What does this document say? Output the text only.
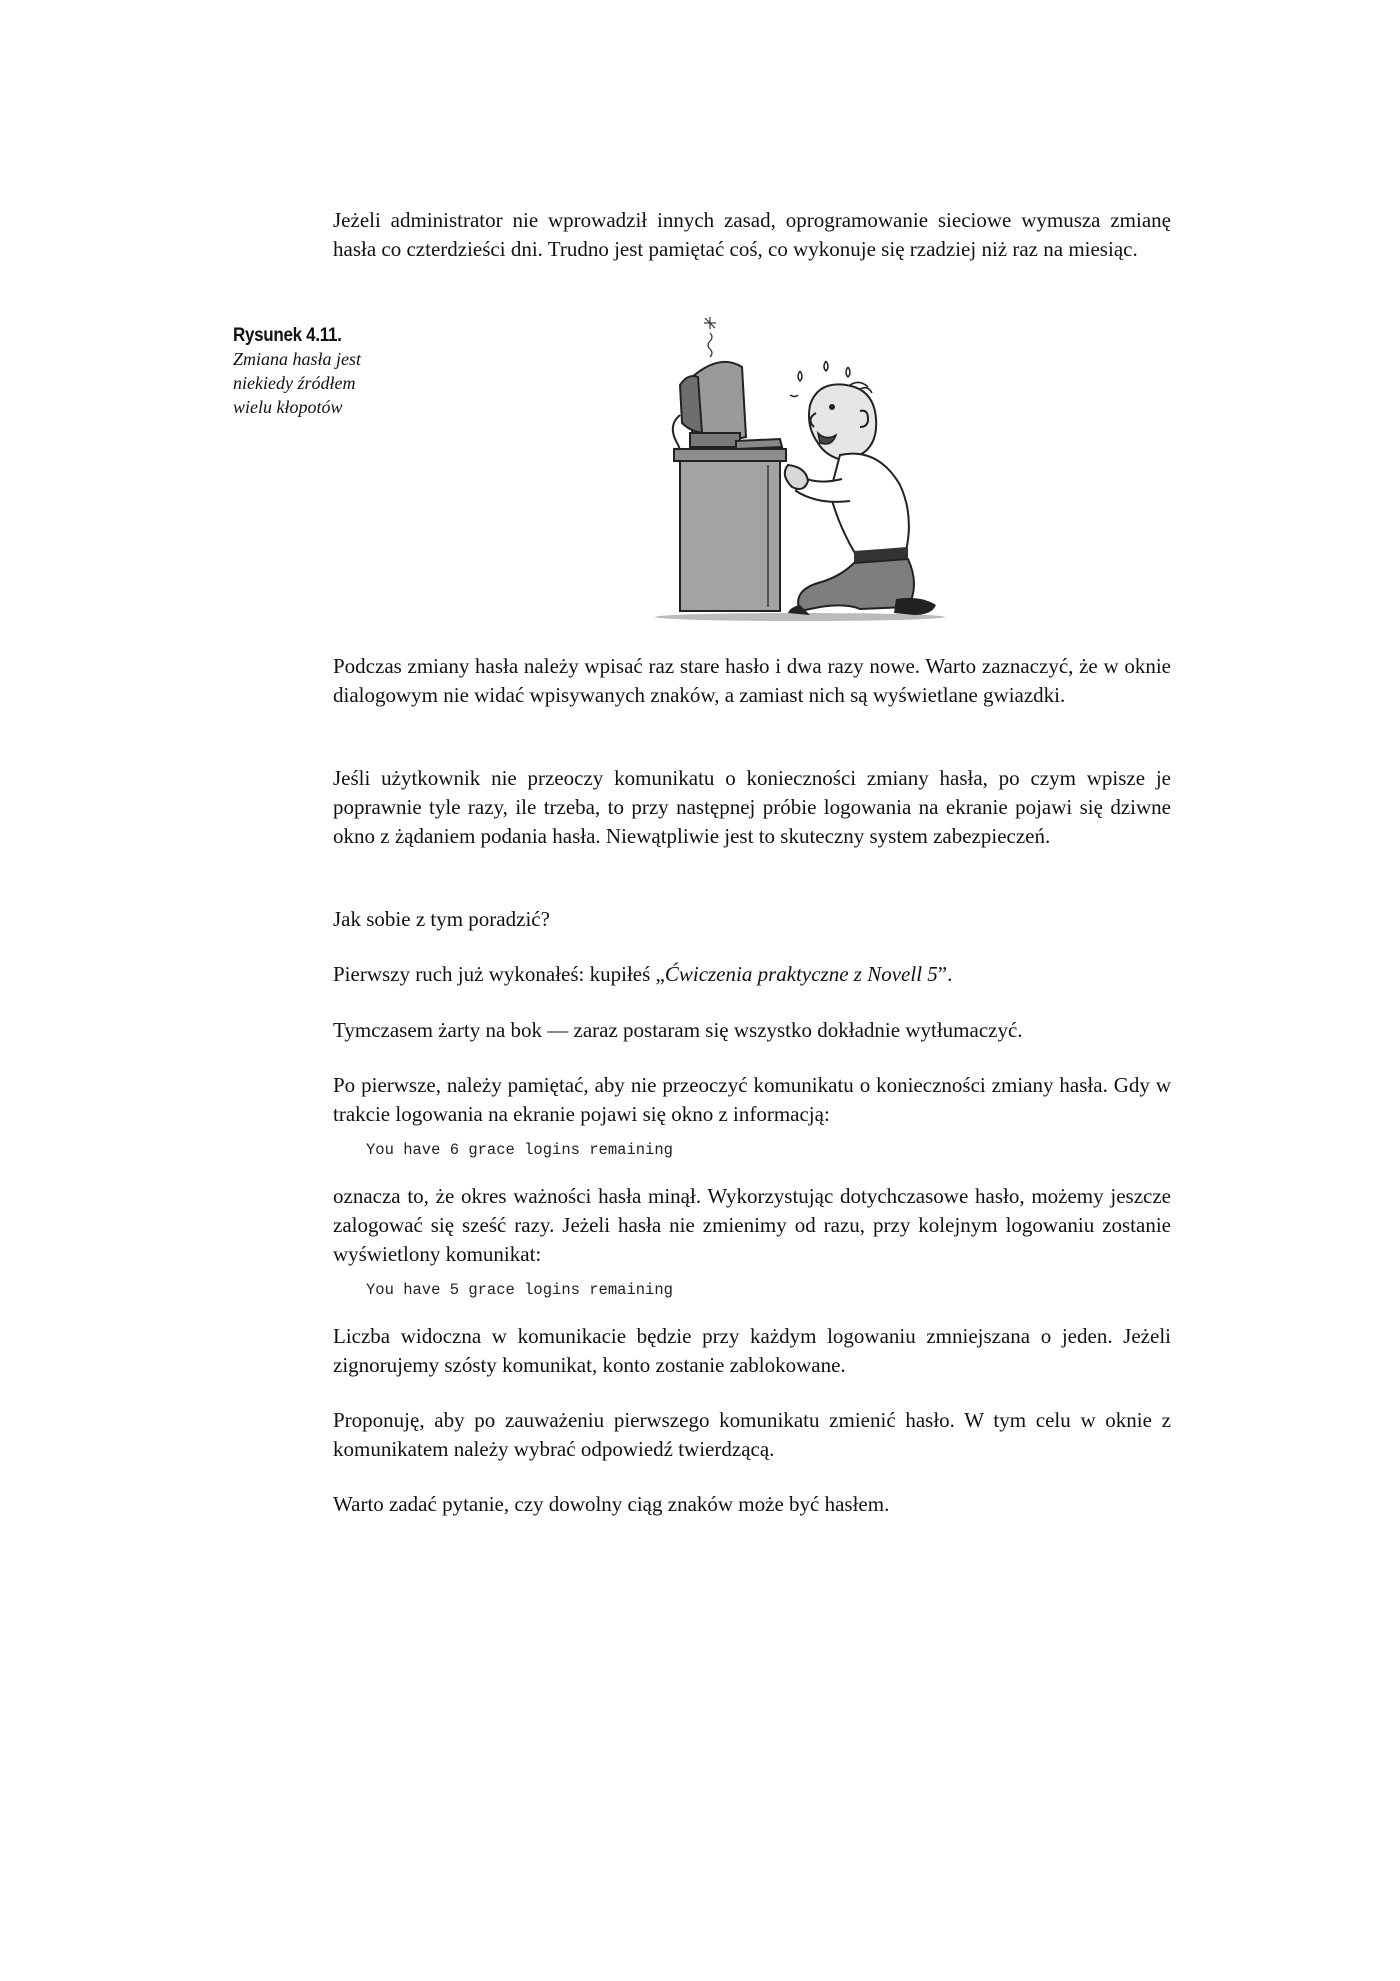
Jeżeli administrator nie wprowadził innych zasad, oprogramowanie sieciowe wymusza zmianę hasła co czterdzieści dni. Trudno jest pamiętać coś, co wykonuje się rzadziej niż raz na miesiąc.

Rysunek 4.11.
Zmiana hasła jest niekiedy źródłem wielu kłopotów

Podczas zmiany hasła należy wpisać raz stare hasło i dwa razy nowe. Warto zaznaczyć, że w oknie dialogowym nie widać wpisywanych znaków, a zamiast nich są wyświetlane gwiazdki.

Jeśli użytkownik nie przeoczy komunikatu o konieczności zmiany hasła, po czym wpisze je poprawnie tyle razy, ile trzeba, to przy następnej próbie logowania na ekranie pojawi się dziwne okno z żądaniem podania hasła. Niewątpliwie jest to skuteczny system zabezpieczeń.

Jak sobie z tym poradzić?

Pierwszy ruch już wykonałeś: kupiłeś „Ćwiczenia praktyczne z Novell 5”.

Tymczasem żarty na bok — zaraz postaram się wszystko dokładnie wytłumaczyć.

Po pierwsze, należy pamiętać, aby nie przeoczyć komunikatu o konieczności zmiany hasła. Gdy w trakcie logowania na ekranie pojawi się okno z informacją:

You have 6 grace logins remaining

oznacza to, że okres ważności hasła minął. Wykorzystując dotychczasowe hasło, możemy jeszcze zalogować się sześć razy. Jeżeli hasła nie zmienimy od razu, przy kolejnym logowaniu zostanie wyświetlony komunikat:

You have 5 grace logins remaining

Liczba widoczna w komunikacie będzie przy każdym logowaniu zmniejszana o jeden. Jeżeli zignorujemy szósty komunikat, konto zostanie zablokowane.

Proponuję, aby po zauważeniu pierwszego komunikatu zmienić hasło. W tym celu w oknie z komunikatem należy wybrać odpowiedź twierdzącą.

Warto zadać pytanie, czy dowolny ciąg znaków może być hasłem.
